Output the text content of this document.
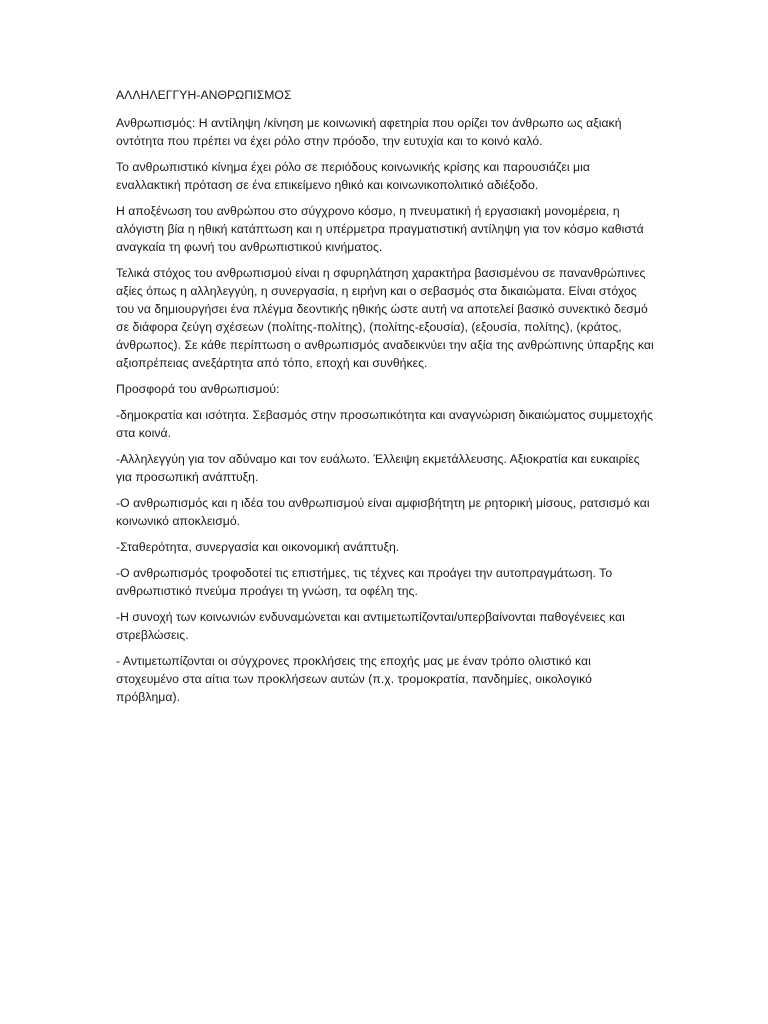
ΑΛΛΗΛΕΓΓΥΗ-ΑΝΘΡΩΠΙΣΜΟΣ

Ανθρωπισμός: Η αντίληψη /κίνηση με κοινωνική αφετηρία που ορίζει τον άνθρωπο ως αξιακή οντότητα που πρέπει να έχει ρόλο στην πρόοδο, την ευτυχία και το κοινό καλό.

Το ανθρωπιστικό κίνημα έχει ρόλο σε περιόδους κοινωνικής κρίσης και παρουσιάζει μια εναλλακτική πρόταση σε ένα επικείμενο ηθικό και κοινωνικοπολιτικό αδιέξοδο.

Η αποξένωση του ανθρώπου στο σύγχρονο κόσμο, η πνευματική ή εργασιακή μονομέρεια, η αλόγιστη βία η ηθική κατάπτωση και η υπέρμετρα πραγματιστική αντίληψη για τον κόσμο καθιστά αναγκαία τη φωνή του ανθρωπιστικού κινήματος.

Τελικά στόχος του ανθρωπισμού είναι η σφυρηλάτηση χαρακτήρα βασισμένου σε πανανθρώπινες αξίες όπως η αλληλεγγύη, η συνεργασία, η ειρήνη και ο σεβασμός στα δικαιώματα. Είναι στόχος του να δημιουργήσει ένα πλέγμα δεοντικής ηθικής ώστε αυτή να αποτελεί βασικό συνεκτικό δεσμό σε διάφορα ζεύγη σχέσεων (πολίτης-πολίτης), (πολίτης-εξουσία), (εξουσία, πολίτης), (κράτος, άνθρωπος). Σε κάθε περίπτωση ο ανθρωπισμός αναδεικνύει την αξία της ανθρώπινης ύπαρξης και αξιοπρέπειας ανεξάρτητα από τόπο, εποχή και συνθήκες.

Προσφορά του ανθρωπισμού:

-δημοκρατία και ισότητα. Σεβασμός στην προσωπικότητα και αναγνώριση δικαιώματος συμμετοχής στα κοινά.

-Αλληλεγγύη για τον αδύναμο και τον ευάλωτο. Έλλειψη εκμετάλλευσης. Αξιοκρατία και ευκαιρίες για προσωπική ανάπτυξη.

-Ο ανθρωπισμός και η ιδέα του ανθρωπισμού είναι αμφισβήτητη με ρητορική μίσους, ρατσισμό και κοινωνικό αποκλεισμό.

-Σταθερότητα, συνεργασία και οικονομική ανάπτυξη.

-Ο ανθρωπισμός τροφοδοτεί τις επιστήμες, τις τέχνες και προάγει την αυτοπραγμάτωση. Το ανθρωπιστικό πνεύμα προάγει τη γνώση, τα οφέλη της.

-Η συνοχή των κοινωνιών ενδυναμώνεται και αντιμετωπίζονται/υπερβαίνονται παθογένειες και στρεβλώσεις.

- Αντιμετωπίζονται οι σύγχρονες προκλήσεις της εποχής μας με έναν τρόπο ολιστικό και στοχευμένο στα αίτια των προκλήσεων αυτών (π.χ. τρομοκρατία, πανδημίες, οικολογικό πρόβλημα).
